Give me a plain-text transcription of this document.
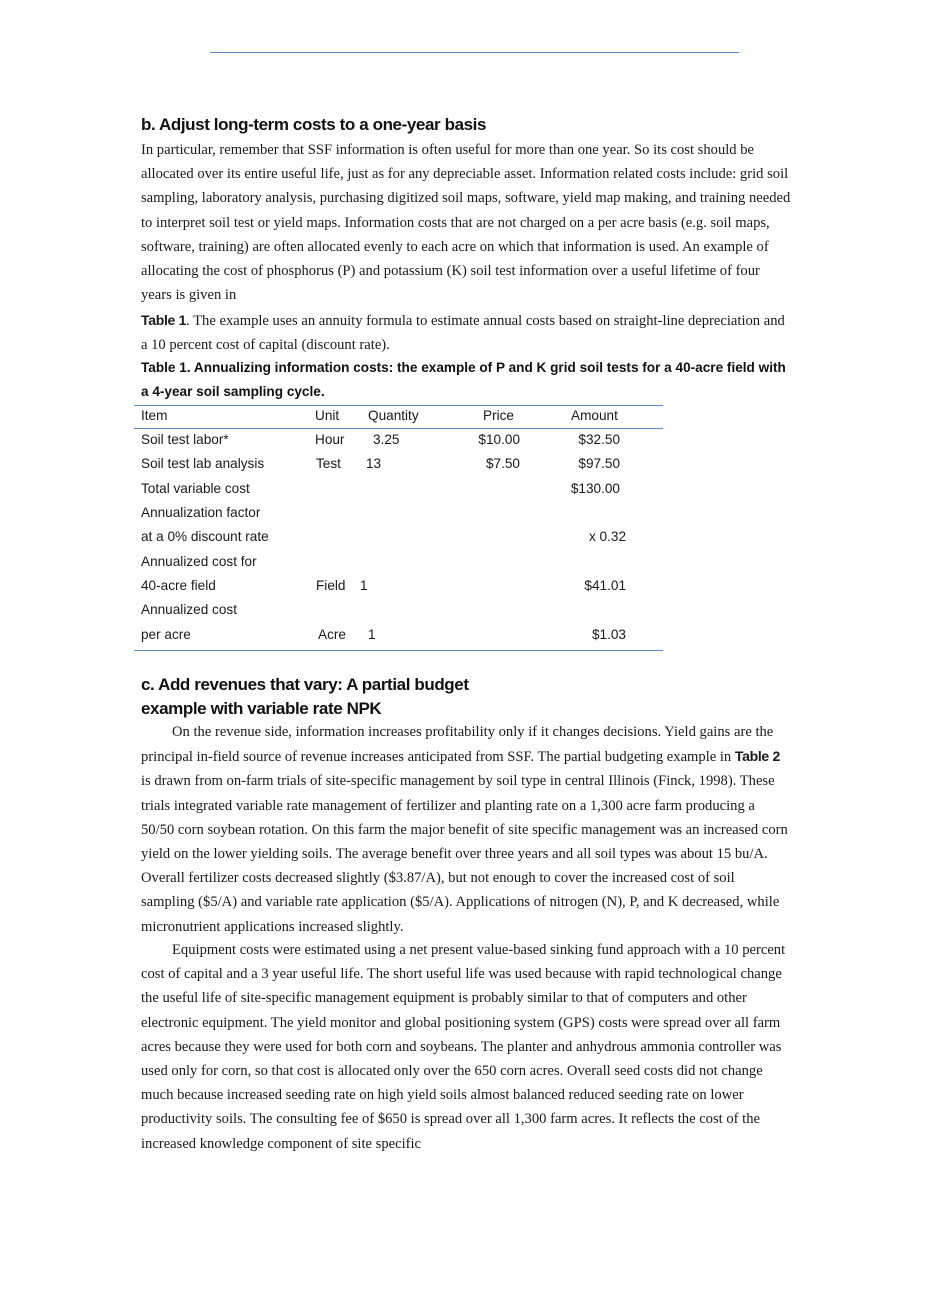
b. Adjust long-term costs to a one-year basis

In particular, remember that SSF information is often useful for more than one year. So its cost should be allocated over its entire useful life, just as for any depreciable asset. Information related costs include: grid soil sampling, laboratory analysis, purchasing digitized soil maps, software, yield map making, and training needed to interpret soil test or yield maps. Information costs that are not charged on a per acre basis (e.g. soil maps, software, training) are often allocated evenly to each acre on which that information is used. An example of allocating the cost of phosphorus (P) and potassium (K) soil test information over a useful lifetime of four years is given in

Table 1. The example uses an annuity formula to estimate annual costs based on straight-line depreciation and a 10 percent cost of capital (discount rate).

Table 1. Annualizing information costs: the example of P and K grid soil tests for a 40-acre field with a 4-year soil sampling cycle.

Item	Unit Quantity	Price	Amount
Soil test labor*	Hour 3.25	$10.00	$32.50
Soil test lab analysis	Test 13	$7.50	$97.50
Total variable cost	$130.00
Annualization factor
at a 0% discount rate	x 0.32
Annualized cost for
40-acre field	Field 1	$41.01
Annualized cost
per acre	Acre 1	$1.03
c. Add revenues that vary: A partial budget
example with variable rate NPK

On the revenue side, information increases profitability only if it changes decisions. Yield gains are the principal in-field source of revenue increases anticipated from SSF. The partial budgeting example in Table 2 is drawn from on-farm trials of site-specific management by soil type in central Illinois (Finck, 1998). These trials integrated variable rate management of fertilizer and planting rate on a 1,300 acre farm producing a 50/50 corn soybean rotation. On this farm the major benefit of site specific management was an increased corn yield on the lower yielding soils. The average benefit over three years and all soil types was about 15 bu/A. Overall fertilizer costs decreased slightly ($3.87/A), but not enough to cover the increased cost of soil sampling ($5/A) and variable rate application ($5/A). Applications of nitrogen (N), P, and K decreased, while micronutrient applications increased slightly.

Equipment costs were estimated using a net present value-based sinking fund approach with a 10 percent cost of capital and a 3 year useful life. The short useful life was used because with rapid technological change the useful life of site-specific management equipment is probably similar to that of computers and other electronic equipment. The yield monitor and global positioning system (GPS) costs were spread over all farm acres because they were used for both corn and soybeans. The planter and anhydrous ammonia controller was used only for corn, so that cost is allocated only over the 650 corn acres. Overall seed costs did not change much because increased seeding rate on high yield soils almost balanced reduced seeding rate on lower productivity soils. The consulting fee of $650 is spread over all 1,300 farm acres. It reflects the cost of the increased knowledge component of site specific
